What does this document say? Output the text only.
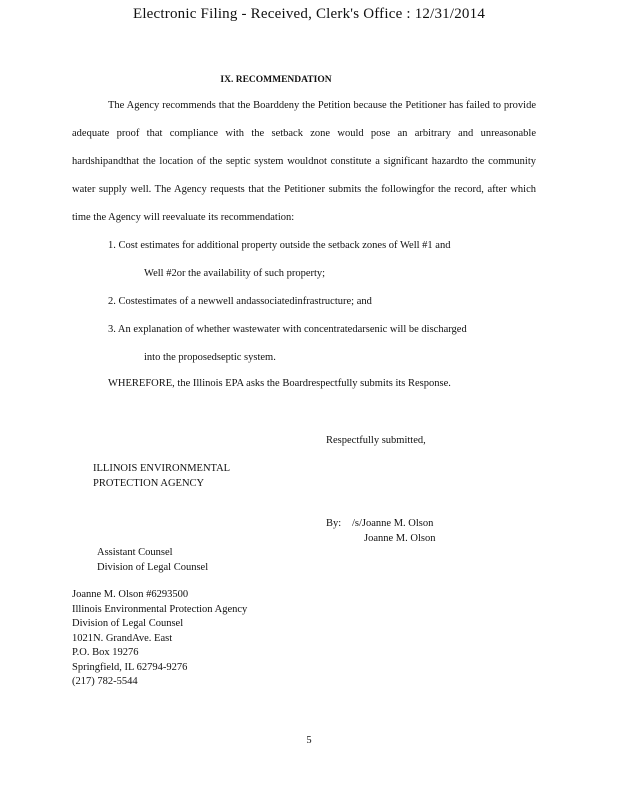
Electronic Filing - Received, Clerk's Office : 12/31/2014
IX. RECOMMENDATION

The Agency recommends that the Boarddeny the Petition because the Petitioner has failed to provide adequate proof that compliance with the setback zone would pose an arbitrary and unreasonable hardshipandthat the location of the septic system wouldnot constitute a significant hazardto the community water supply well. The Agency requests that the Petitioner submits the followingfor the record, after which time the Agency will reevaluate its recommendation:

1. Cost estimates for additional property outside the setback zones of Well #1 and
Well #2or the availability of such property;
2. Costestimates of a newwell andassociatedinfrastructure; and
3. An explanation of whether wastewater with concentratedarsenic will be discharged
into the proposedseptic system.
WHEREFORE, the Illinois EPA asks the Boardrespectfully submits its Response.
Respectfully submitted,
ILLINOIS ENVIRONMENTAL
PROTECTION AGENCY
By: /s/Joanne M. Olson
Joanne M. Olson
Assistant Counsel
Division of Legal Counsel
Joanne M. Olson #6293500
Illinois Environmental Protection Agency
Division of Legal Counsel
1021N. GrandAve. East
P.O. Box 19276
Springfield, IL 62794-9276
(217) 782-5544
5
